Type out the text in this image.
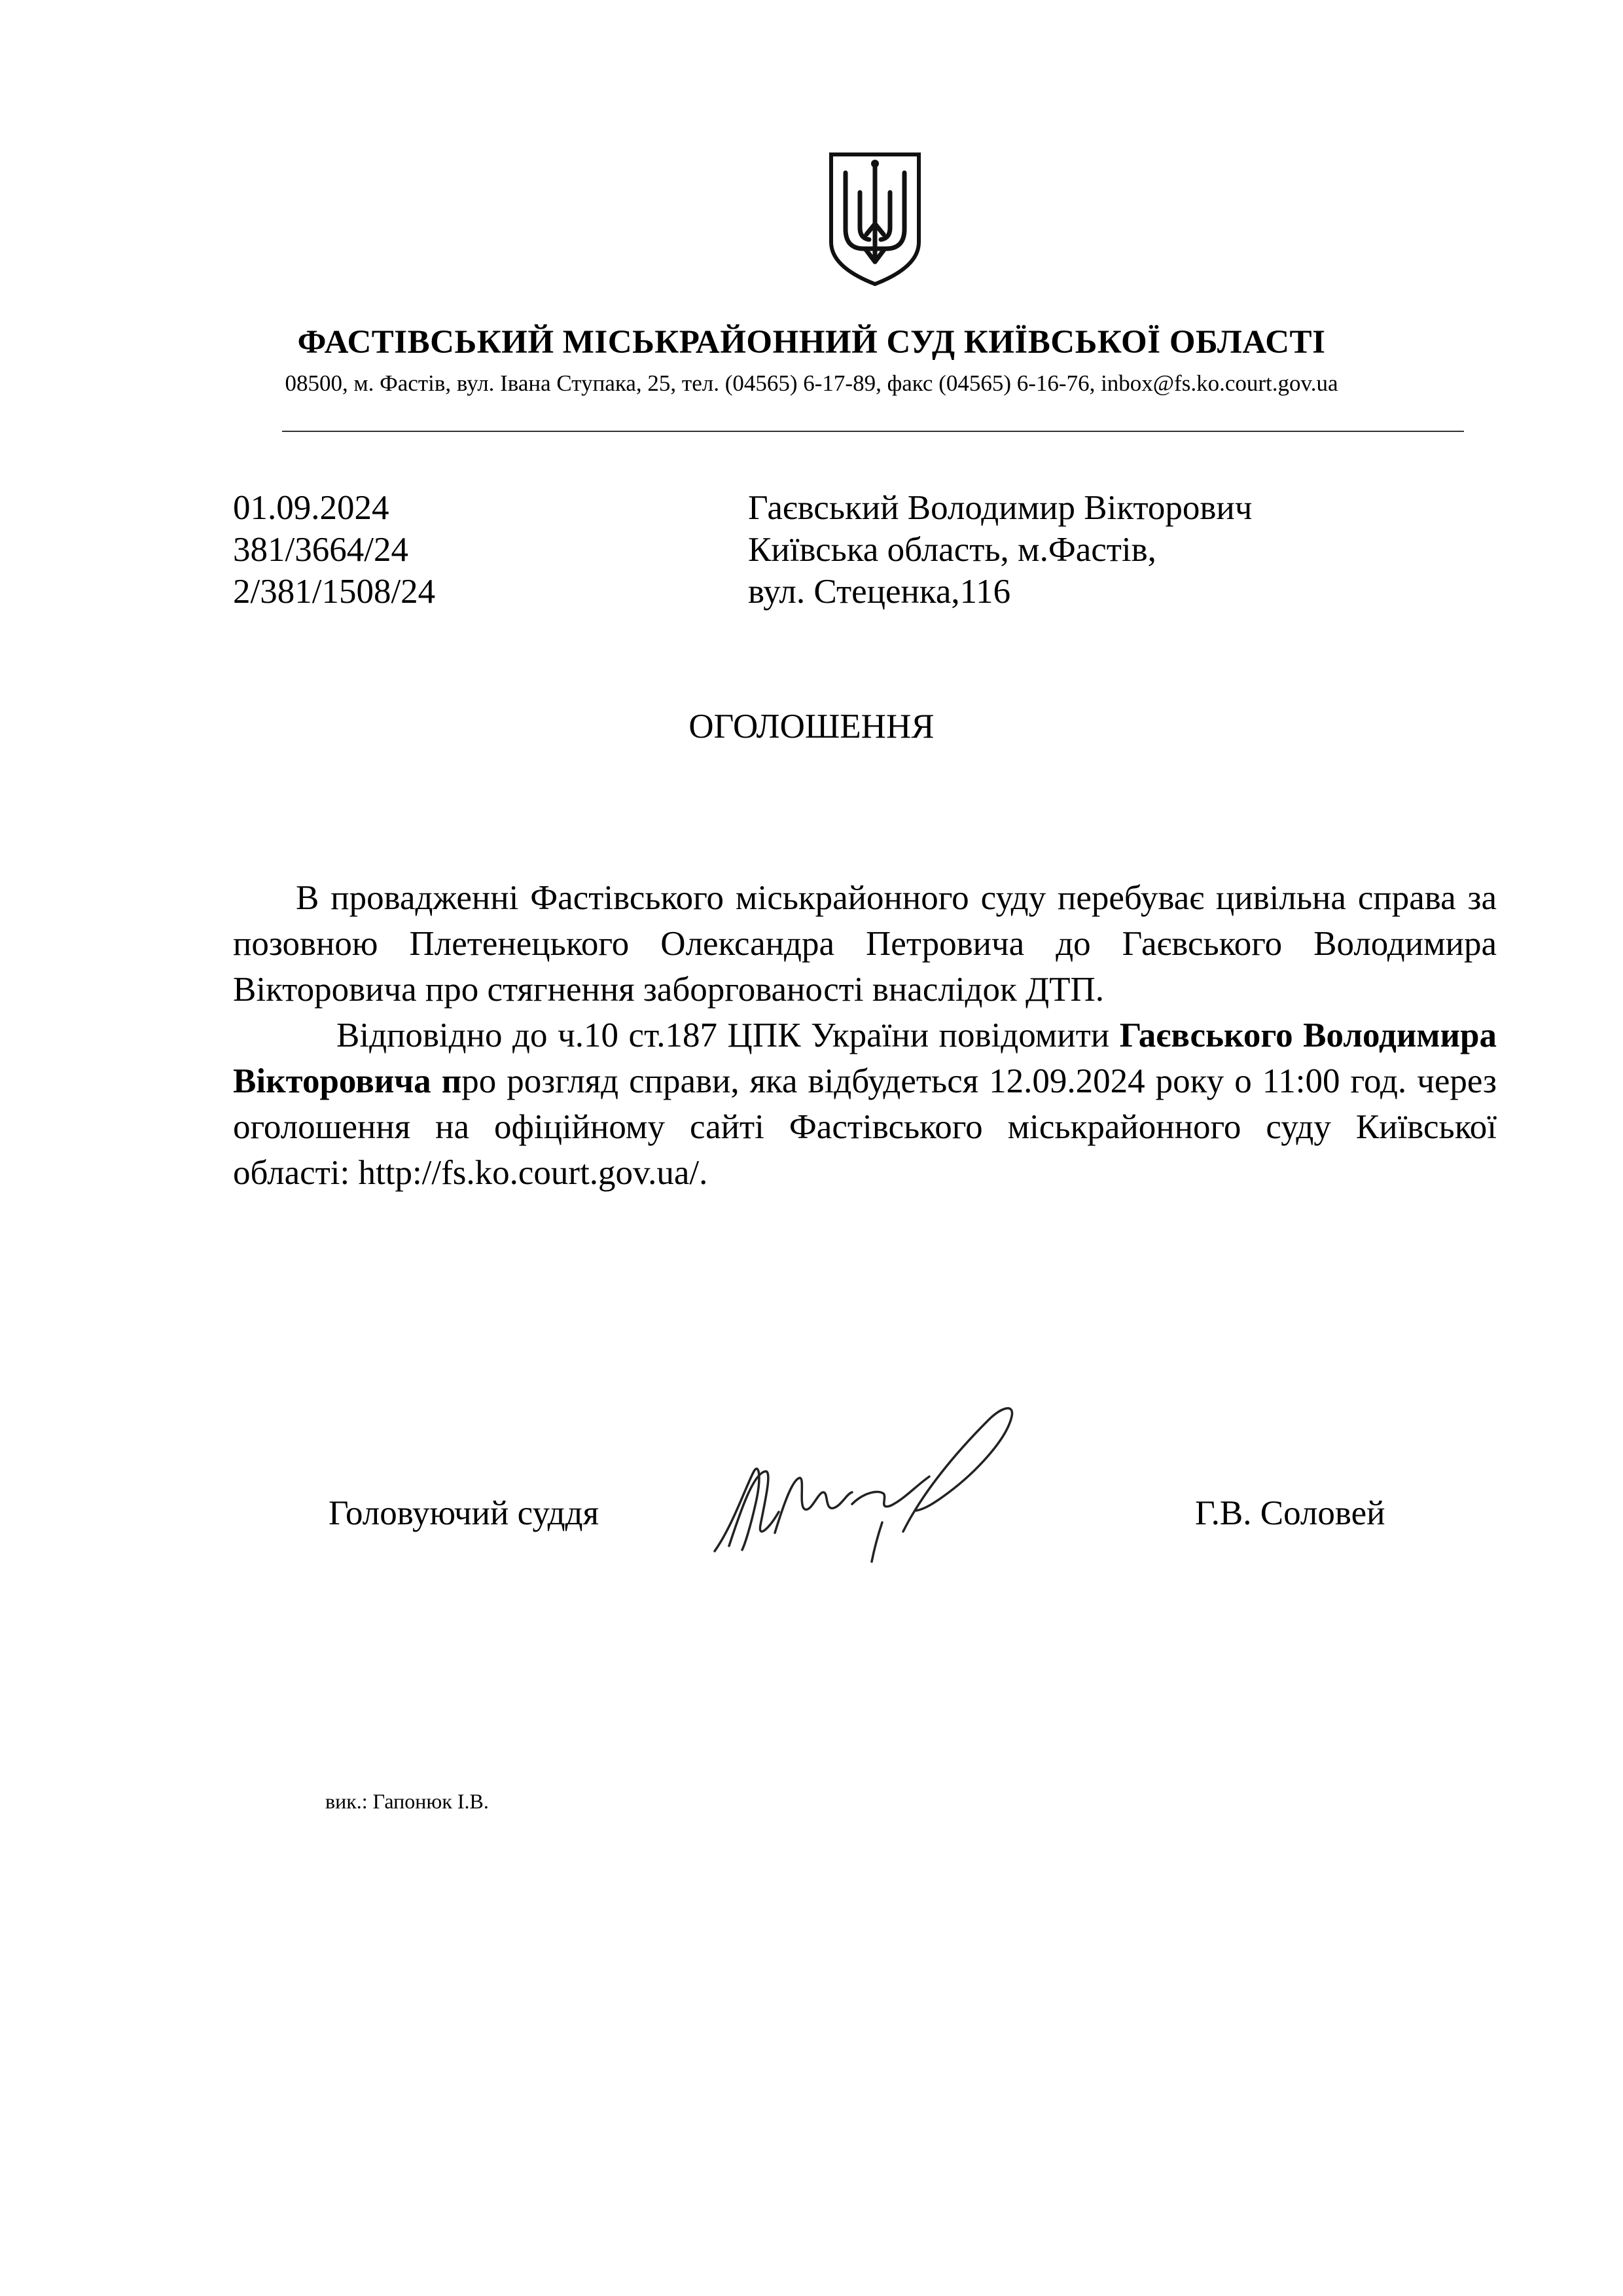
ФАСТІВСЬКИЙ МІСЬКРАЙОННИЙ СУД КИЇВСЬКОЇ ОБЛАСТІ
08500, м. Фастів, вул. Івана Ступака, 25, тел. (04565) 6-17-89, факс (04565) 6-16-76, inbox@fs.ko.court.gov.ua
01.09.2024
381/3664/24
2/381/1508/24
Гаєвський Володимир Вікторович
Київська область, м.Фастів,
вул. Стеценка,116
ОГОЛОШЕННЯ
В провадженні Фастівського міськрайонного суду перебуває цивільна справа за позовною Плетенецького Олександра Петровича до Гаєвського Володимира Вікторовича про стягнення заборгованості внаслідок ДТП.
Відповідно до ч.10 ст.187 ЦПК України повідомити Гаєвського Володимира Вікторовича про розгляд справи, яка відбудеться 12.09.2024 року о 11:00 год. через оголошення на офіційному сайті Фастівського міськрайонного суду Київської області: http://fs.ko.court.gov.ua/.
Головуючий суддя	Г.В. Соловей
вик.: Гапонюк І.В.
